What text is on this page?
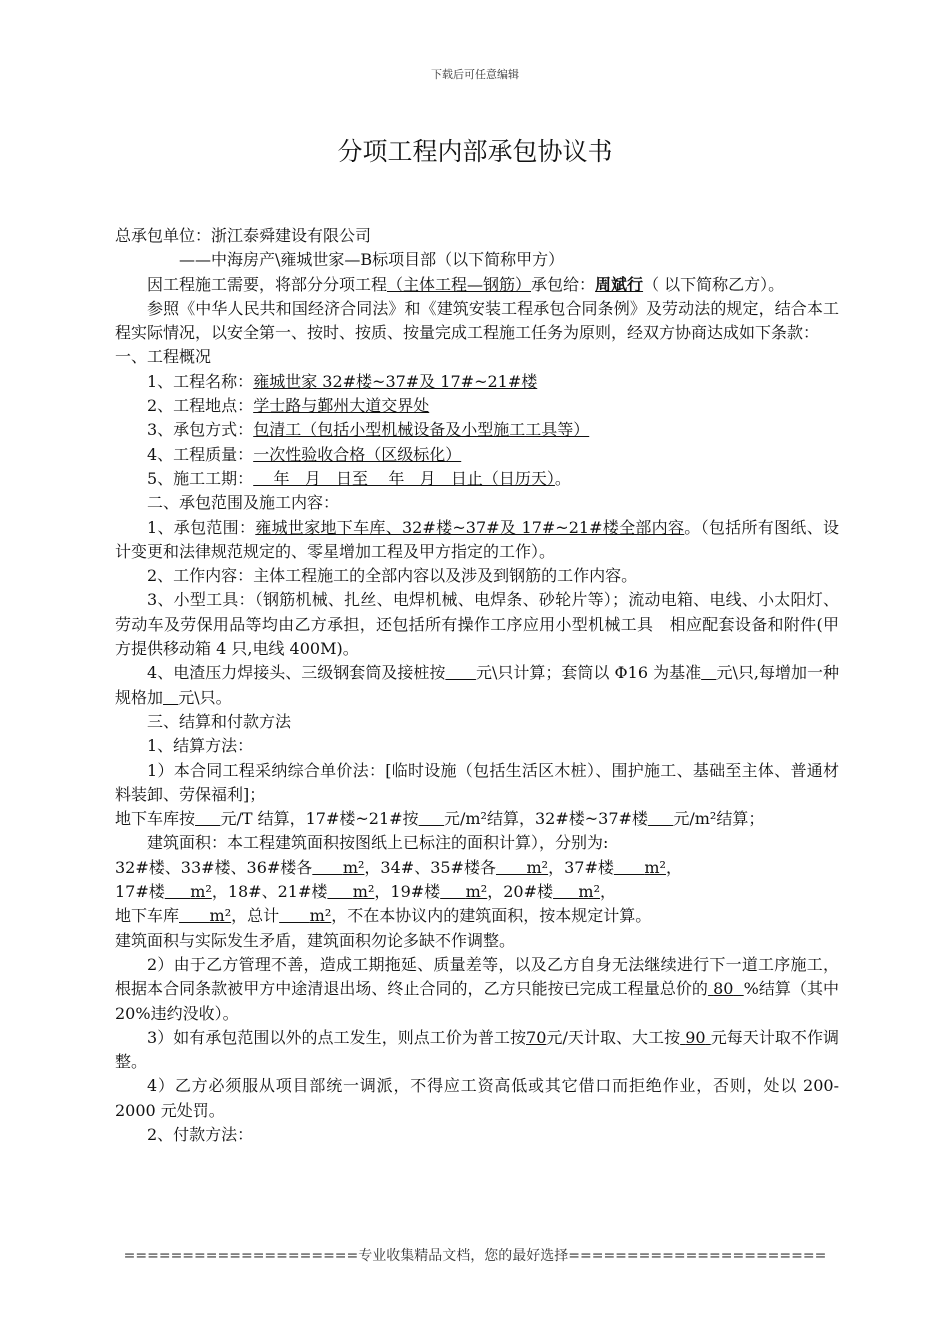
下载后可任意编辑
分项工程内部承包协议书

总承包单位：浙江泰舜建设有限公司

——中海房产\雍城世家—B标项目部（以下简称甲方）

因工程施工需要，将部分分项工程（主体工程—钢筋）承包给：周斌行（ 以下简称乙方）。

参照《中华人民共和国经济合同法》和《建筑安装工程承包合同条例》及劳动法的规定，结合本工程实际情况，以安全第一、按时、按质、按量完成工程施工任务为原则，经双方协商达成如下条款：

一、工程概况

1、工程名称：雍城世家 32#楼~37#及 17#~21#楼

2、工程地点：学士路与鄞州大道交界处

3、承包方式：包清工（包括小型机械设备及小型施工工具等）

4、工程质量：一次性验收合格（区级标化）

5、施工工期：    年   月   日至    年   月   日止（日历天）。

二、承包范围及施工内容：

1、承包范围：雍城世家地下车库、32#楼~37#及 17#~21#楼全部内容。（包括所有图纸、设计变更和法律规范规定的、零星增加工程及甲方指定的工作）。

2、工作内容：主体工程施工的全部内容以及涉及到钢筋的工作内容。

3、小型工具：（钢筋机械、扎丝、电焊机械、电焊条、砂轮片等）；流动电箱、电线、小太阳灯、劳动车及劳保用品等均由乙方承担，还包括所有操作工序应用小型机械工具　相应配套设备和附件(甲方提供移动箱 4 只,电线 400M)。

4、电渣压力焊接头、三级钢套筒及接桩按 元\只计算；套筒以 Φ16 为基准 元\只,每增加一种规格加 元\只。

三、结算和付款方法

1、结算方法：

1）本合同工程采纳综合单价法：[临时设施（包括生活区木桩）、围护施工、基础至主体、普通材料装卸、劳保福利]；

地下车库按 元/T 结算，17#楼~21#按 元/m²结算，32#楼~37#楼 元/m²结算；

建筑面积：本工程建筑面积按图纸上已标注的面积计算），分别为:

32#楼、33#楼、36#楼各 m²，34#、35#楼各 m²，37#楼 m²，

17#楼 m²，18#、21#楼 m²，19#楼 m²，20#楼 m²，

地下车库 m²，总计 m²，不在本协议内的建筑面积，按本规定计算。

建筑面积与实际发生矛盾，建筑面积勿论多缺不作调整。

2）由于乙方管理不善，造成工期拖延、质量差等，以及乙方自身无法继续进行下一道工序施工，根据本合同条款被甲方中途清退出场、终止合同的，乙方只能按已完成工程量总价的 80 %结算（其中 20%违约没收）。

3）如有承包范围以外的点工发生，则点工价为普工按70元/天计取、大工按 90 元每天计取不作调整。

4）乙方必须服从项目部统一调派，不得应工资高低或其它借口而拒绝作业，否则，处以 200-2000 元处罚。

2、付款方法：

====================专业收集精品文档，您的最好选择======================
